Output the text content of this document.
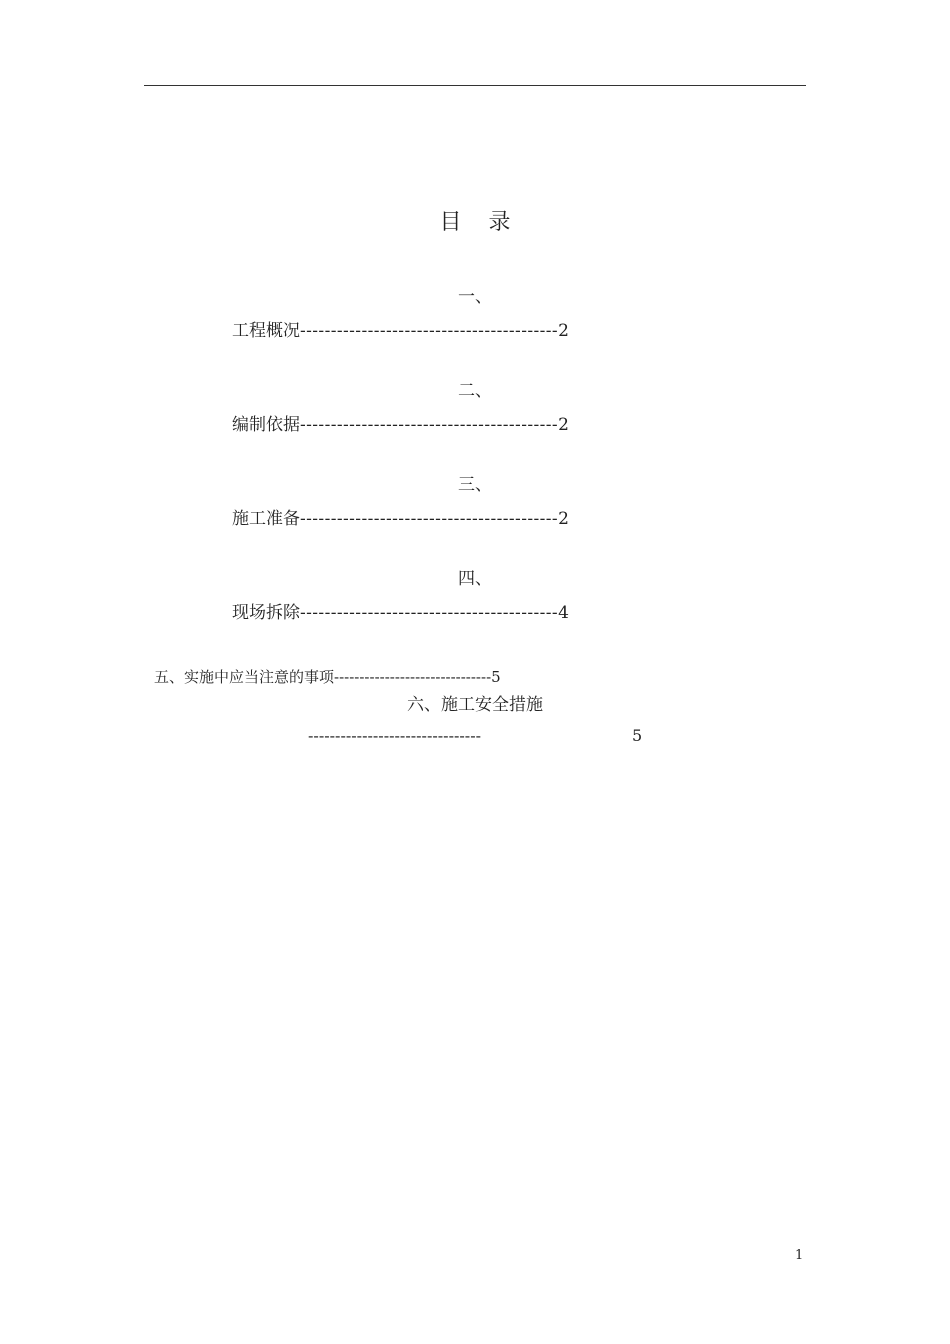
目 录
一、
工程概况------------------------------------------2
二、
编制依据------------------------------------------2
三、
施工准备------------------------------------------2
四、
现场拆除------------------------------------------4
五、实施中应当注意的事项-------------------------------5
六、施工安全措施
--------------------------------	5
1
